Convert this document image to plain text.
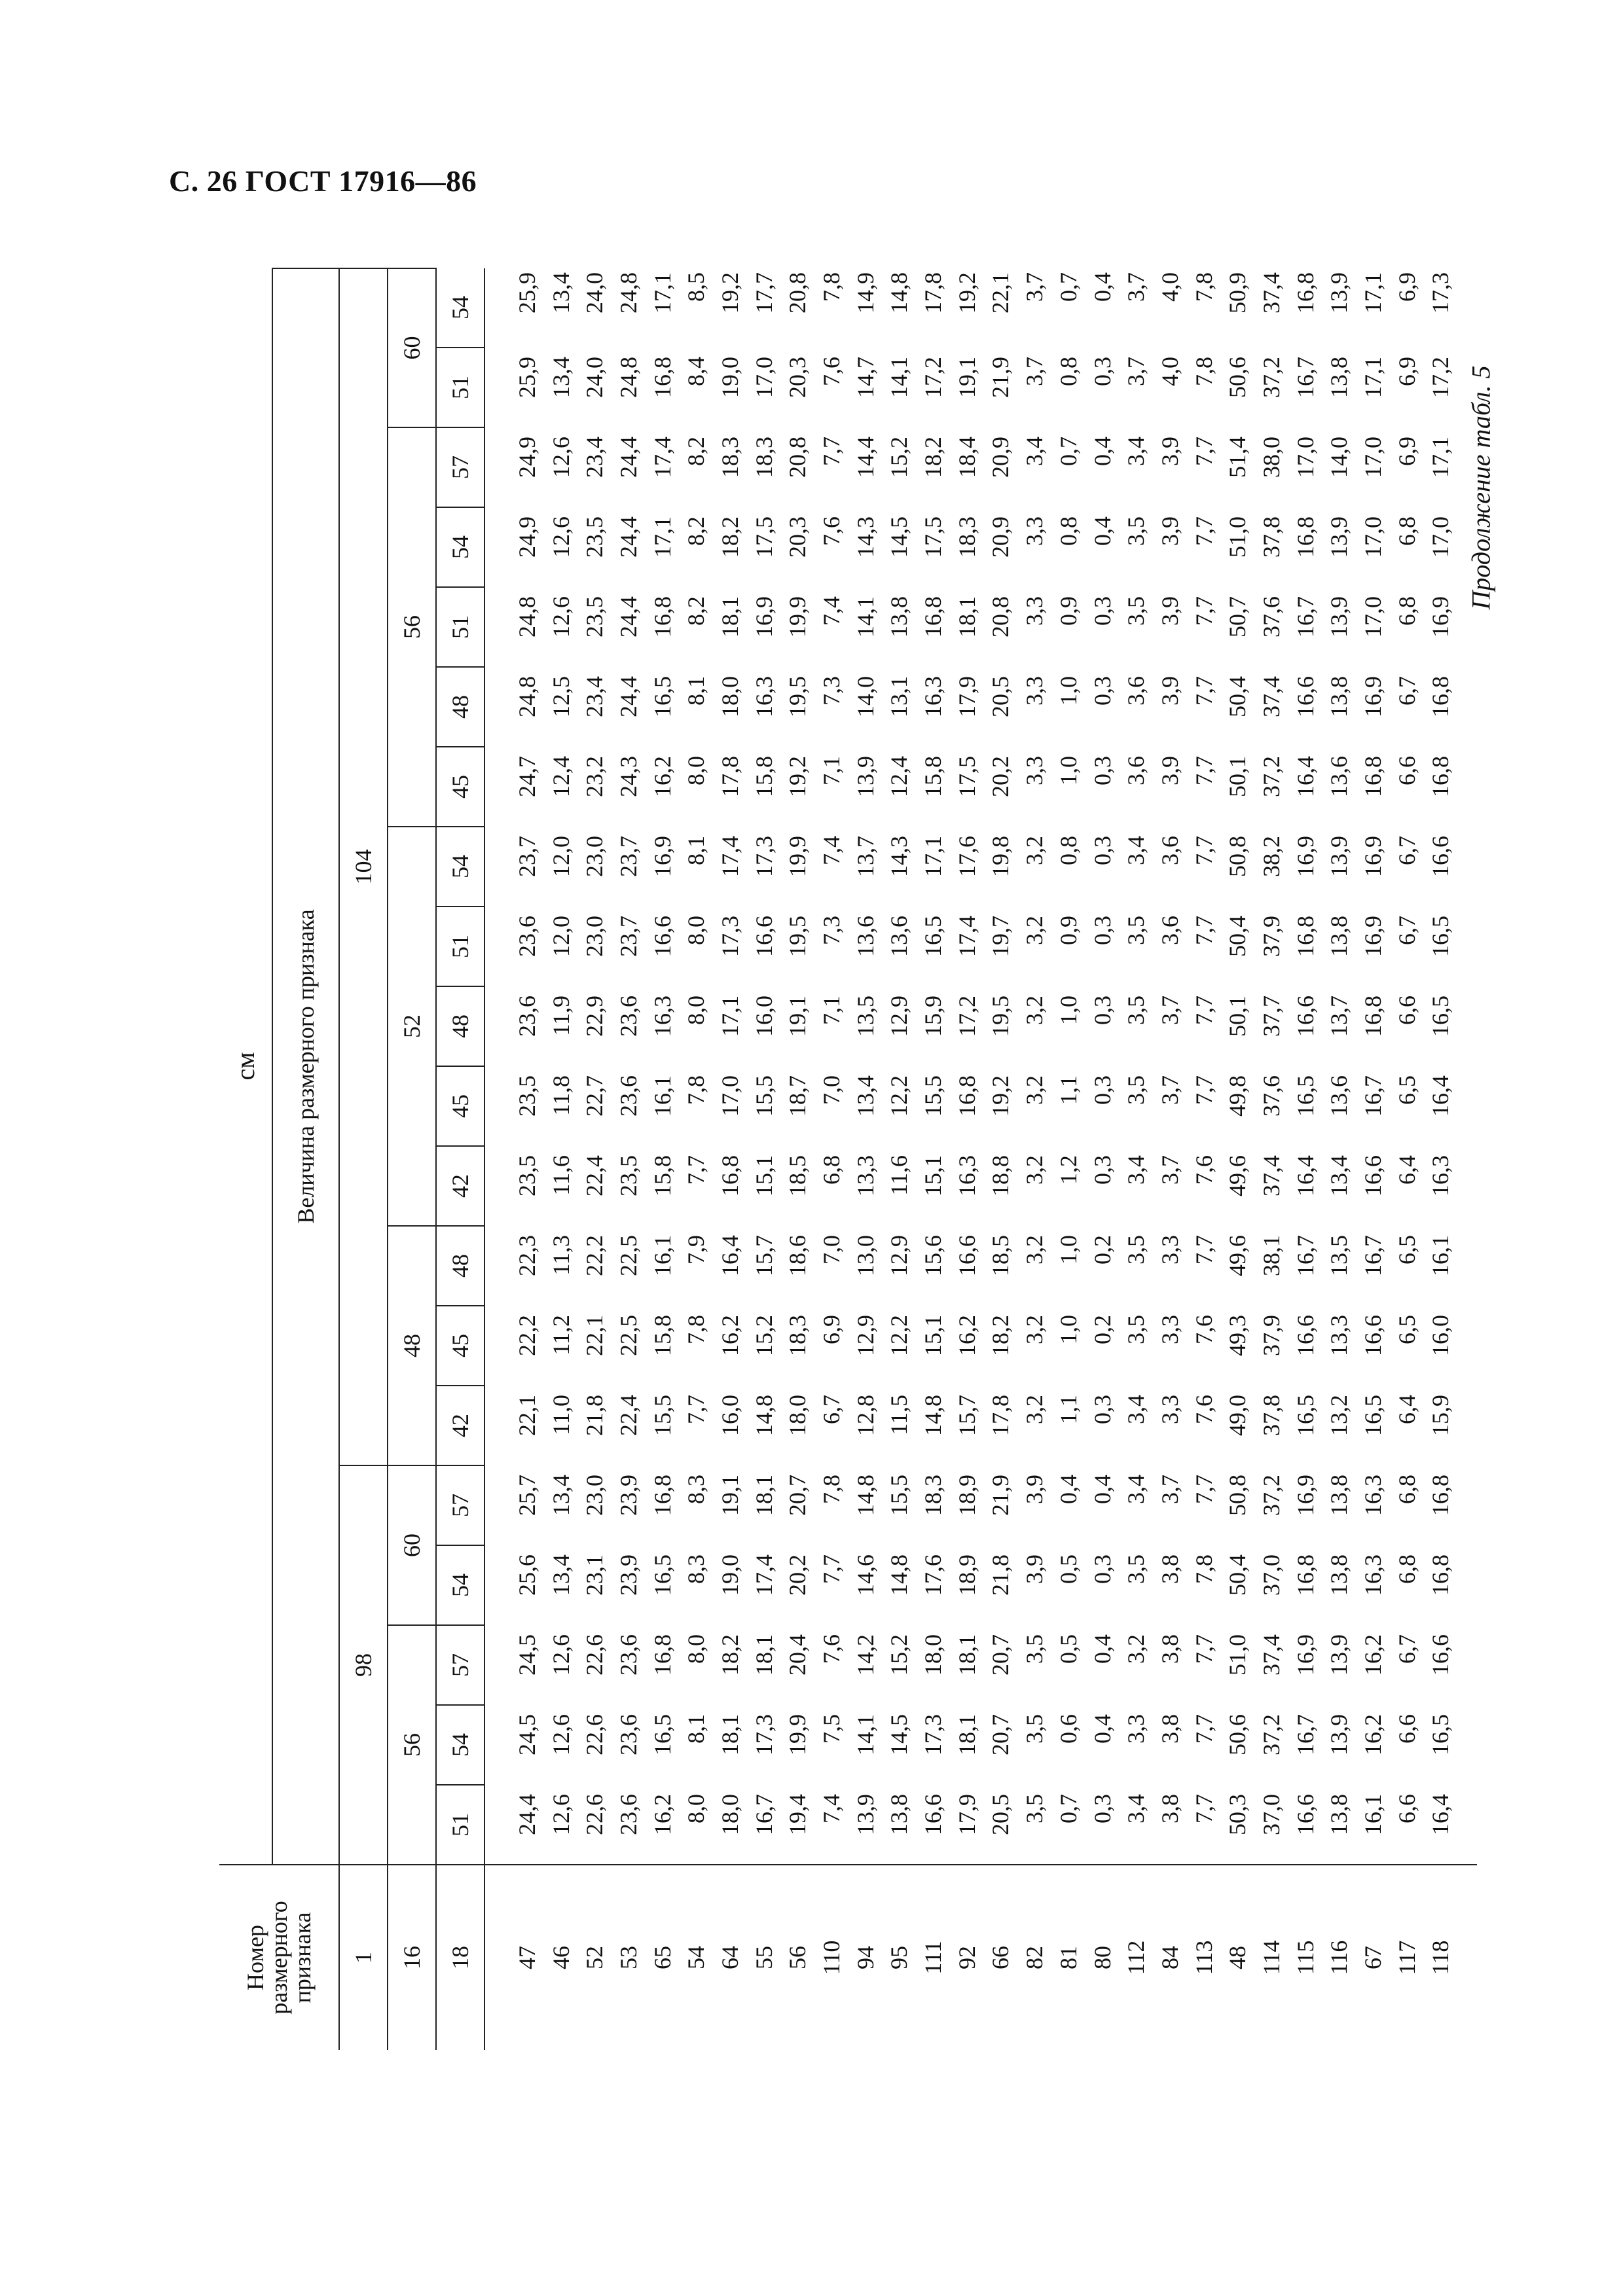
С. 26 ГОСТ 17916—86
Продолжение табл. 5
Номер размерного признака	см																			
	Величина размерного признака																			
1	98					104														
16	56			60		48			52					56					60	
18	51	54	57	54	57	42	45	48	42	45	48	51	54	45	48	51	54	57	51	54
47	24,4	24,5	24,5	25,6	25,7	22,1	22,2	22,3	23,5	23,5	23,6	23,6	23,7	24,7	24,8	24,8	24,9	24,9	25,9	25,9
46	12,6	12,6	12,6	13,4	13,4	11,0	11,2	11,3	11,6	11,8	11,9	12,0	12,0	12,4	12,5	12,6	12,6	12,6	13,4	13,4
52	22,6	22,6	22,6	23,1	23,0	21,8	22,1	22,2	22,4	22,7	22,9	23,0	23,0	23,2	23,4	23,5	23,5	23,4	24,0	24,0
53	23,6	23,6	23,6	23,9	23,9	22,4	22,5	22,5	23,5	23,6	23,6	23,7	23,7	24,3	24,4	24,4	24,4	24,4	24,8	24,8
65	16,2	16,5	16,8	16,5	16,8	15,5	15,8	16,1	15,8	16,1	16,3	16,6	16,9	16,2	16,5	16,8	17,1	17,4	16,8	17,1
54	8,0	8,1	8,0	8,3	8,3	7,7	7,8	7,9	7,7	7,8	8,0	8,0	8,1	8,0	8,1	8,2	8,2	8,2	8,4	8,5
64	18,0	18,1	18,2	19,0	19,1	16,0	16,2	16,4	16,8	17,0	17,1	17,3	17,4	17,8	18,0	18,1	18,2	18,3	19,0	19,2
55	16,7	17,3	18,1	17,4	18,1	14,8	15,2	15,7	15,1	15,5	16,0	16,6	17,3	15,8	16,3	16,9	17,5	18,3	17,0	17,7
56	19,4	19,9	20,4	20,2	20,7	18,0	18,3	18,6	18,5	18,7	19,1	19,5	19,9	19,2	19,5	19,9	20,3	20,8	20,3	20,8
110	7,4	7,5	7,6	7,7	7,8	6,7	6,9	7,0	6,8	7,0	7,1	7,3	7,4	7,1	7,3	7,4	7,6	7,7	7,6	7,8
94	13,9	14,1	14,2	14,6	14,8	12,8	12,9	13,0	13,3	13,4	13,5	13,6	13,7	13,9	14,0	14,1	14,3	14,4	14,7	14,9
95	13,8	14,5	15,2	14,8	15,5	11,5	12,2	12,9	11,6	12,2	12,9	13,6	14,3	12,4	13,1	13,8	14,5	15,2	14,1	14,8
111	16,6	17,3	18,0	17,6	18,3	14,8	15,1	15,6	15,1	15,5	15,9	16,5	17,1	15,8	16,3	16,8	17,5	18,2	17,2	17,8
92	17,9	18,1	18,1	18,9	18,9	15,7	16,2	16,6	16,3	16,8	17,2	17,4	17,6	17,5	17,9	18,1	18,3	18,4	19,1	19,2
66	20,5	20,7	20,7	21,8	21,9	17,8	18,2	18,5	18,8	19,2	19,5	19,7	19,8	20,2	20,5	20,8	20,9	20,9	21,9	22,1
82	3,5	3,5	3,5	3,9	3,9	3,2	3,2	3,2	3,2	3,2	3,2	3,2	3,2	3,3	3,3	3,3	3,3	3,4	3,7	3,7
81	0,7	0,6	0,5	0,5	0,4	1,1	1,0	1,0	1,2	1,1	1,0	0,9	0,8	1,0	1,0	0,9	0,8	0,7	0,8	0,7
80	0,3	0,4	0,4	0,3	0,4	0,3	0,2	0,2	0,3	0,3	0,3	0,3	0,3	0,3	0,3	0,3	0,4	0,4	0,3	0,4
112	3,4	3,3	3,2	3,5	3,4	3,4	3,5	3,5	3,4	3,5	3,5	3,5	3,4	3,6	3,6	3,5	3,5	3,4	3,7	3,7
84	3,8	3,8	3,8	3,8	3,7	3,3	3,3	3,3	3,7	3,7	3,7	3,6	3,6	3,9	3,9	3,9	3,9	3,9	4,0	4,0
113	7,7	7,7	7,7	7,8	7,7	7,6	7,6	7,7	7,6	7,7	7,7	7,7	7,7	7,7	7,7	7,7	7,7	7,7	7,8	7,8
48	50,3	50,6	51,0	50,4	50,8	49,0	49,3	49,6	49,6	49,8	50,1	50,4	50,8	50,1	50,4	50,7	51,0	51,4	50,6	50,9
114	37,0	37,2	37,4	37,0	37,2	37,8	37,9	38,1	37,4	37,6	37,7	37,9	38,2	37,2	37,4	37,6	37,8	38,0	37,2	37,4
115	16,6	16,7	16,9	16,8	16,9	16,5	16,6	16,7	16,4	16,5	16,6	16,8	16,9	16,4	16,6	16,7	16,8	17,0	16,7	16,8
116	13,8	13,9	13,9	13,8	13,8	13,2	13,3	13,5	13,4	13,6	13,7	13,8	13,9	13,6	13,8	13,9	13,9	14,0	13,8	13,9
67	16,1	16,2	16,2	16,3	16,3	16,5	16,6	16,7	16,6	16,7	16,8	16,9	16,9	16,8	16,9	17,0	17,0	17,0	17,1	17,1
117	6,6	6,6	6,7	6,8	6,8	6,4	6,5	6,5	6,4	6,5	6,6	6,7	6,7	6,6	6,7	6,8	6,8	6,9	6,9	6,9
118	16,4	16,5	16,6	16,8	16,8	15,9	16,0	16,1	16,3	16,4	16,5	16,5	16,6	16,8	16,8	16,9	17,0	17,1	17,2	17,3
